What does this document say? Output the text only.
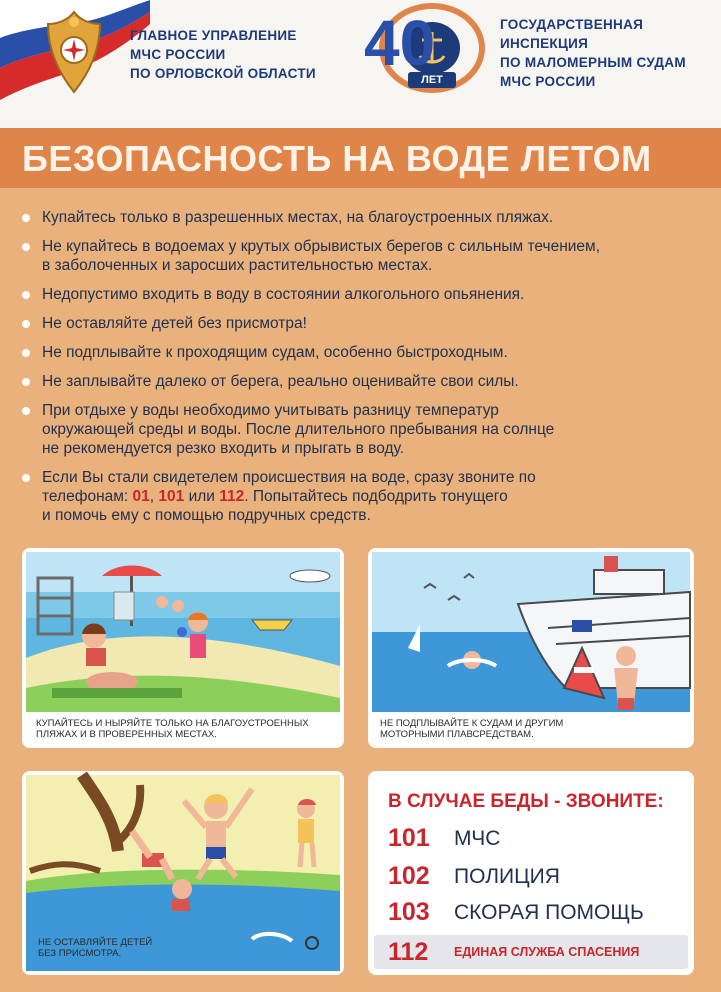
ГЛАВНОЕ УПРАВЛЕНИЕ
МЧС РОССИИ
ПО ОРЛОВСКОЙ ОБЛАСТИ 40
ЛЕТ
ГОСУДАРСТВЕННАЯ
ИНСПЕКЦИЯ
ПО МАЛОМЕРНЫМ СУДАМ
МЧС РОССИИ
БЕЗОПАСНОСТЬ НА ВОДЕ ЛЕТОМ
Купайтесь только в разрешенных местах, на благоустроенных пляжах.
Не купайтесь в водоемах у крутых обрывистых берегов с сильным течением,
в заболоченных и заросших растительностью местах.
Недопустимо входить в воду в состоянии алкогольного опьянения.
Не оставляйте детей без присмотра!
Не подплывайте к проходящим судам, особенно быстроходным.
Не заплывайте далеко от берега, реально оценивайте свои силы.
При отдыхе у воды необходимо учитывать разницу температур
окружающей среды и воды. После длительного пребывания на солнце
не рекомендуется резко входить и прыгать в воду.
Если Вы стали свидетелем происшествия на воде, сразу звоните по
телефонам: 01, 101 или 112. Попытайтесь подбодрить тонущего
и помочь ему с помощью подручных средств.
КУПАЙТЕСЬ И НЫРЯЙТЕ ТОЛЬКО НА БЛАГОУСТРОЕННЫХ
ПЛЯЖАХ И В ПРОВЕРЕННЫХ МЕСТАХ.
НЕ ПОДПЛЫВАЙТЕ К СУДАМ И ДРУГИМ
МОТОРНЫМИ ПЛАВСРЕДСТВАМ.
НЕ ОСТАВЛЯЙТЕ ДЕТЕЙ
БЕЗ ПРИСМОТРА.
В СЛУЧАЕ БЕДЫ - ЗВОНИТЕ:
101	МЧС
102	ПОЛИЦИЯ
103	СКОРАЯ ПОМОЩЬ
112	ЕДИНАЯ СЛУЖБА СПАСЕНИЯ
